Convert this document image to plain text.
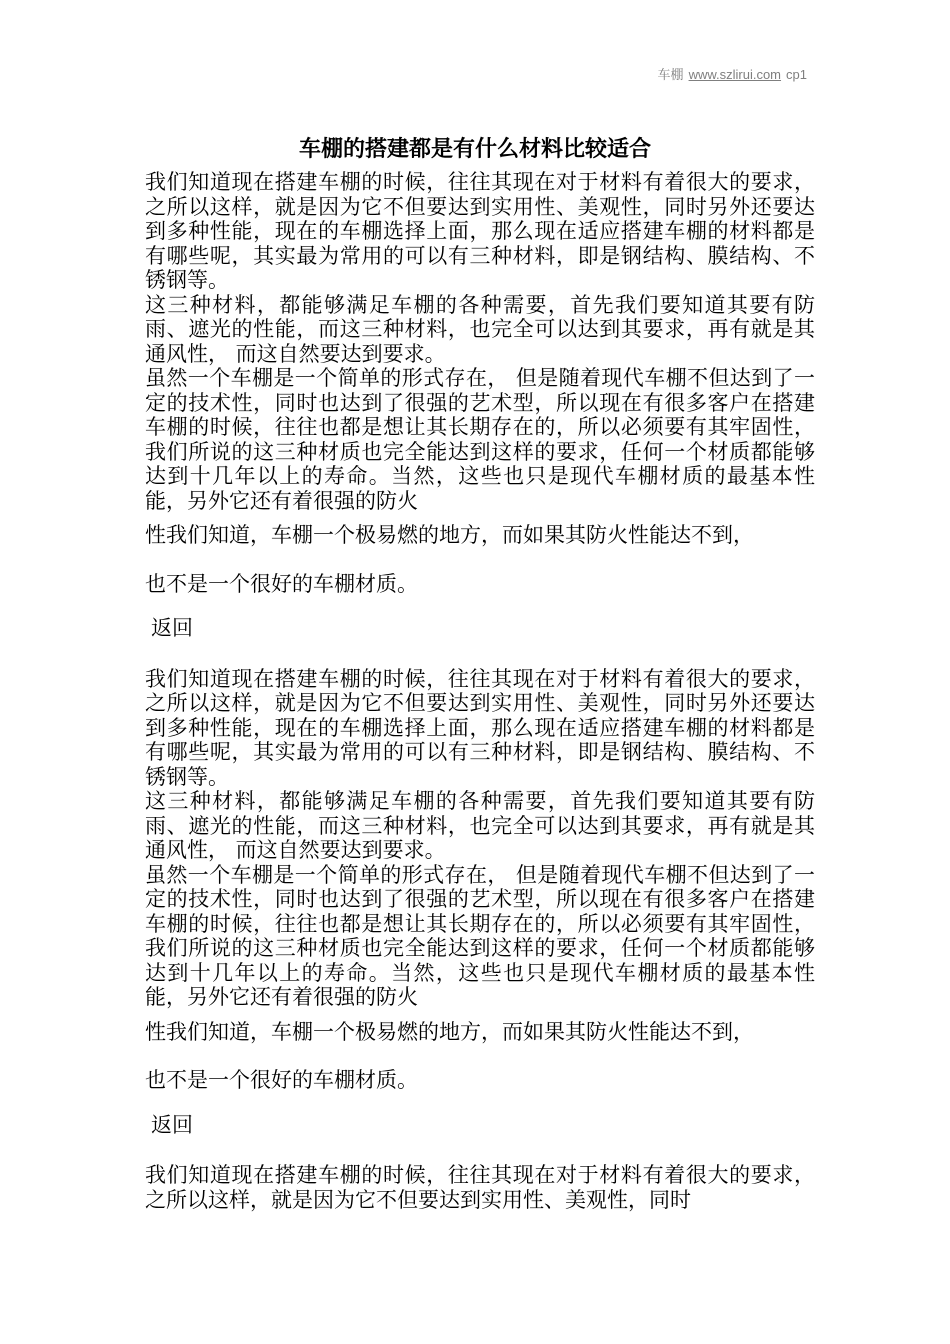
车棚 www.szlirui.com cp1
车棚的搭建都是有什么材料比较适合

我们知道现在搭建车棚的时候，往往其现在对于材料有着很大的要求，之所以这样，就是因为它不但要达到实用性、美观性，同时另外还要达到多种性能，现在的车棚选择上面，那么现在适应搭建车棚的材料都是有哪些呢，其实最为常用的可以有三种材料，即是钢结构、膜结构、不锈钢等。

这三种材料，都能够满足车棚的各种需要，首先我们要知道其要有防雨、遮光的性能，而这三种材料，也完全可以达到其要求，再有就是其通风性， 而这自然要达到要求。

虽然一个车棚是一个简单的形式存在， 但是随着现代车棚不但达到了一定的技术性，同时也达到了很强的艺术型，所以现在有很多客户在搭建车棚的时候，往往也都是想让其长期存在的，所以必须要有其牢固性，我们所说的这三种材质也完全能达到这样的要求，任何一个材质都能够达到十几年以上的寿命。当然，这些也只是现代车棚材质的最基本性能，另外它还有着很强的防火

性我们知道，车棚一个极易燃的地方，而如果其防火性能达不到，

也不是一个很好的车棚材质。

返回

我们知道现在搭建车棚的时候，往往其现在对于材料有着很大的要求，之所以这样，就是因为它不但要达到实用性、美观性，同时另外还要达到多种性能，现在的车棚选择上面，那么现在适应搭建车棚的材料都是有哪些呢，其实最为常用的可以有三种材料，即是钢结构、膜结构、不锈钢等。

这三种材料，都能够满足车棚的各种需要，首先我们要知道其要有防雨、遮光的性能，而这三种材料，也完全可以达到其要求，再有就是其通风性， 而这自然要达到要求。

虽然一个车棚是一个简单的形式存在， 但是随着现代车棚不但达到了一定的技术性，同时也达到了很强的艺术型，所以现在有很多客户在搭建车棚的时候，往往也都是想让其长期存在的，所以必须要有其牢固性，我们所说的这三种材质也完全能达到这样的要求，任何一个材质都能够达到十几年以上的寿命。当然，这些也只是现代车棚材质的最基本性能，另外它还有着很强的防火

性我们知道，车棚一个极易燃的地方，而如果其防火性能达不到，

也不是一个很好的车棚材质。

返回

我们知道现在搭建车棚的时候，往往其现在对于材料有着很大的要求，之所以这样，就是因为它不但要达到实用性、美观性，同时
